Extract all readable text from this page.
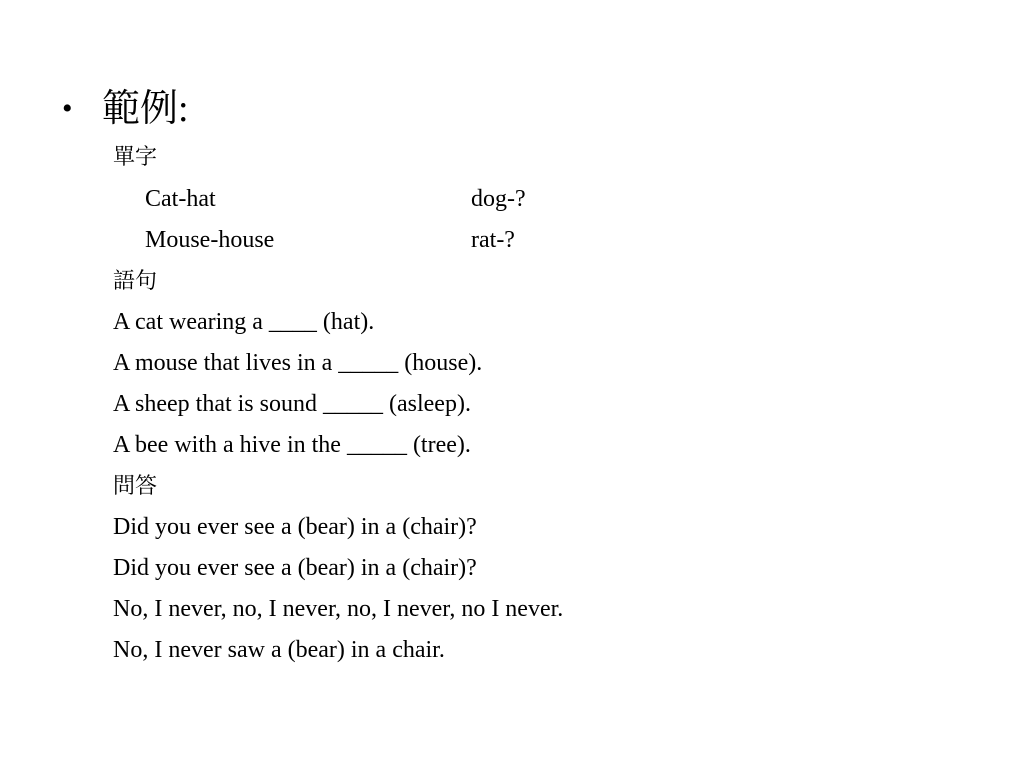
• 範例:
單字
Cat-hat	dog-?
Mouse-house	rat-?
語句
A cat wearing a ____ (hat).
A mouse that lives in a _____ (house).
A sheep that is sound _____ (asleep).
A bee with a hive in the _____ (tree).
問答
Did you ever see a (bear) in a (chair)?
Did you ever see a (bear) in a (chair)?
No, I never, no, I never, no, I never, no I never.
No, I never saw a (bear) in a chair.
